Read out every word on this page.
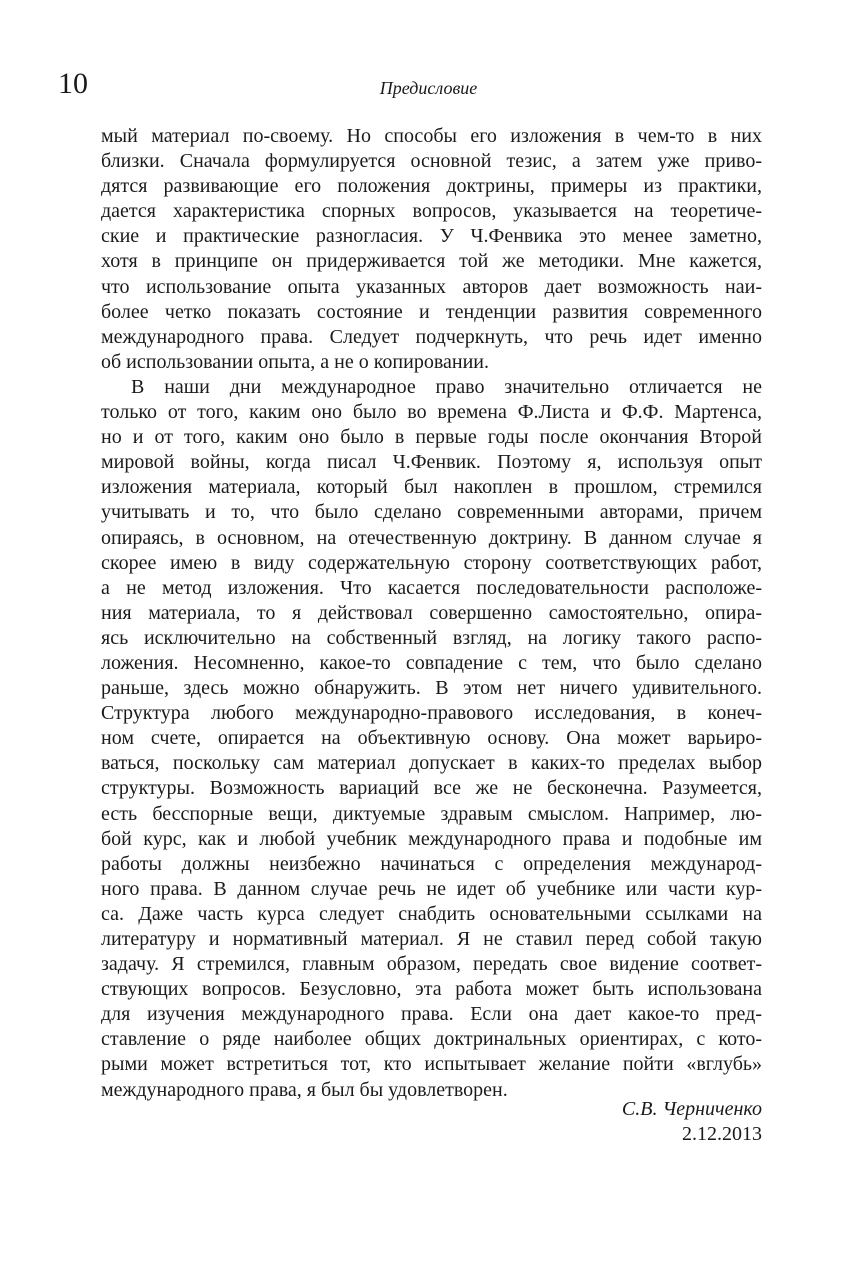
10	Предисловие
мый материал по-своему. Но способы его изложения в чем-то в них
близки. Сначала формулируется основной тезис, а затем уже приво-
дятся развивающие его положения доктрины, примеры из практики,
дается характеристика спорных вопросов, указывается на теоретиче-
ские и практические разногласия. У Ч.Фенвика это менее заметно,
хотя в принципе он придерживается той же методики. Мне кажется,
что использование опыта указанных авторов дает возможность наи-
более четко показать состояние и тенденции развития современного
международного права. Следует подчеркнуть, что речь идет именно
об использовании опыта, а не о копировании.
В наши дни международное право значительно отличается не
только от того, каким оно было во времена Ф.Листа и Ф.Ф. Мартенса,
но и от того, каким оно было в первые годы после окончания Второй
мировой войны, когда писал Ч.Фенвик. Поэтому я, используя опыт
изложения материала, который был накоплен в прошлом, стремился
учитывать и то, что было сделано современными авторами, причем
опираясь, в основном, на отечественную доктрину. В данном случае я
скорее имею в виду содержательную сторону соответствующих работ,
а не метод изложения. Что касается последовательности расположе-
ния материала, то я действовал совершенно самостоятельно, опира-
ясь исключительно на собственный взгляд, на логику такого распо-
ложения. Несомненно, какое-то совпадение с тем, что было сделано
раньше, здесь можно обнаружить. В этом нет ничего удивительного.
Структура любого международно-правового исследования, в конеч-
ном счете, опирается на объективную основу. Она может варьиро-
ваться, поскольку сам материал допускает в каких-то пределах выбор
структуры. Возможность вариаций все же не бесконечна. Разумеется,
есть бесспорные вещи, диктуемые здравым смыслом. Например, лю-
бой курс, как и любой учебник международного права и подобные им
работы должны неизбежно начинаться с определения международ-
ного права. В данном случае речь не идет об учебнике или части кур-
са. Даже часть курса следует снабдить основательными ссылками на
литературу и нормативный материал. Я не ставил перед собой такую
задачу. Я стремился, главным образом, передать свое видение соответ-
ствующих вопросов. Безусловно, эта работа может быть использована
для изучения международного права. Если она дает какое-то пред-
ставление о ряде наиболее общих доктринальных ориентирах, с кото-
рыми может встретиться тот, кто испытывает желание пойти «вглубь»
международного права, я был бы удовлетворен.
С.В. Черниченко
2.12.2013
